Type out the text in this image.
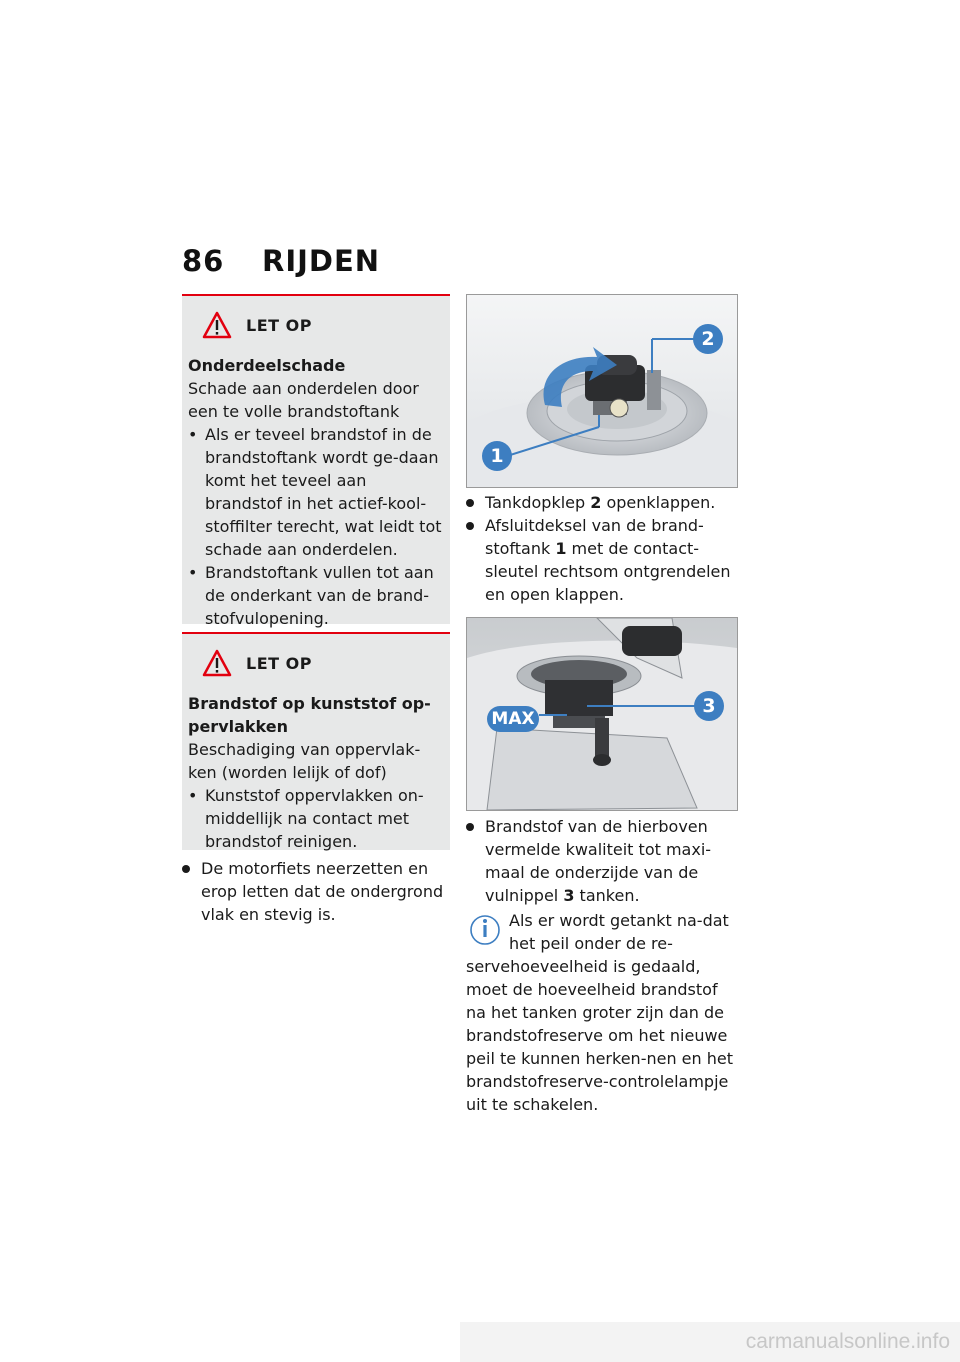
86 RIJDEN
LET OP
Onderdeelschade
Schade aan onderdelen door een te volle brandstoftank
• Als er teveel brandstof in de brandstoftank wordt ge-daan komt het teveel aan brandstof in het actief-kool-stoffilter terecht, wat leidt tot schade aan onderdelen.
• Brandstoftank vullen tot aan de onderkant van de brand-stofvulopening.
LET OP
Brandstof op kunststof op-pervlakken
Beschadiging van oppervlak-ken (worden lelijk of dof)
• Kunststof oppervlakken on-middellijk na contact met brandstof reinigen.
De motorfiets neerzetten en erop letten dat de ondergrond vlak en stevig is.
1
2
Tankdopklep 2 openklappen.
Afsluitdeksel van de brand-stoftank 1 met de contact-sleutel rechtsom ontgrendelen en open klappen.
MAX
3
Brandstof van de hierboven vermelde kwaliteit tot maxi-maal de onderzijde van de vulnippel 3 tanken.
Als er wordt getankt na-dat het peil onder de re-servehoeveelheid is gedaald, moet de hoeveelheid brandstof na het tanken groter zijn dan de brandstofreserve om het nieuwe peil te kunnen herken-nen en het brandstofreserve-controlelampje uit te schakelen.
carmanualsonline.info
